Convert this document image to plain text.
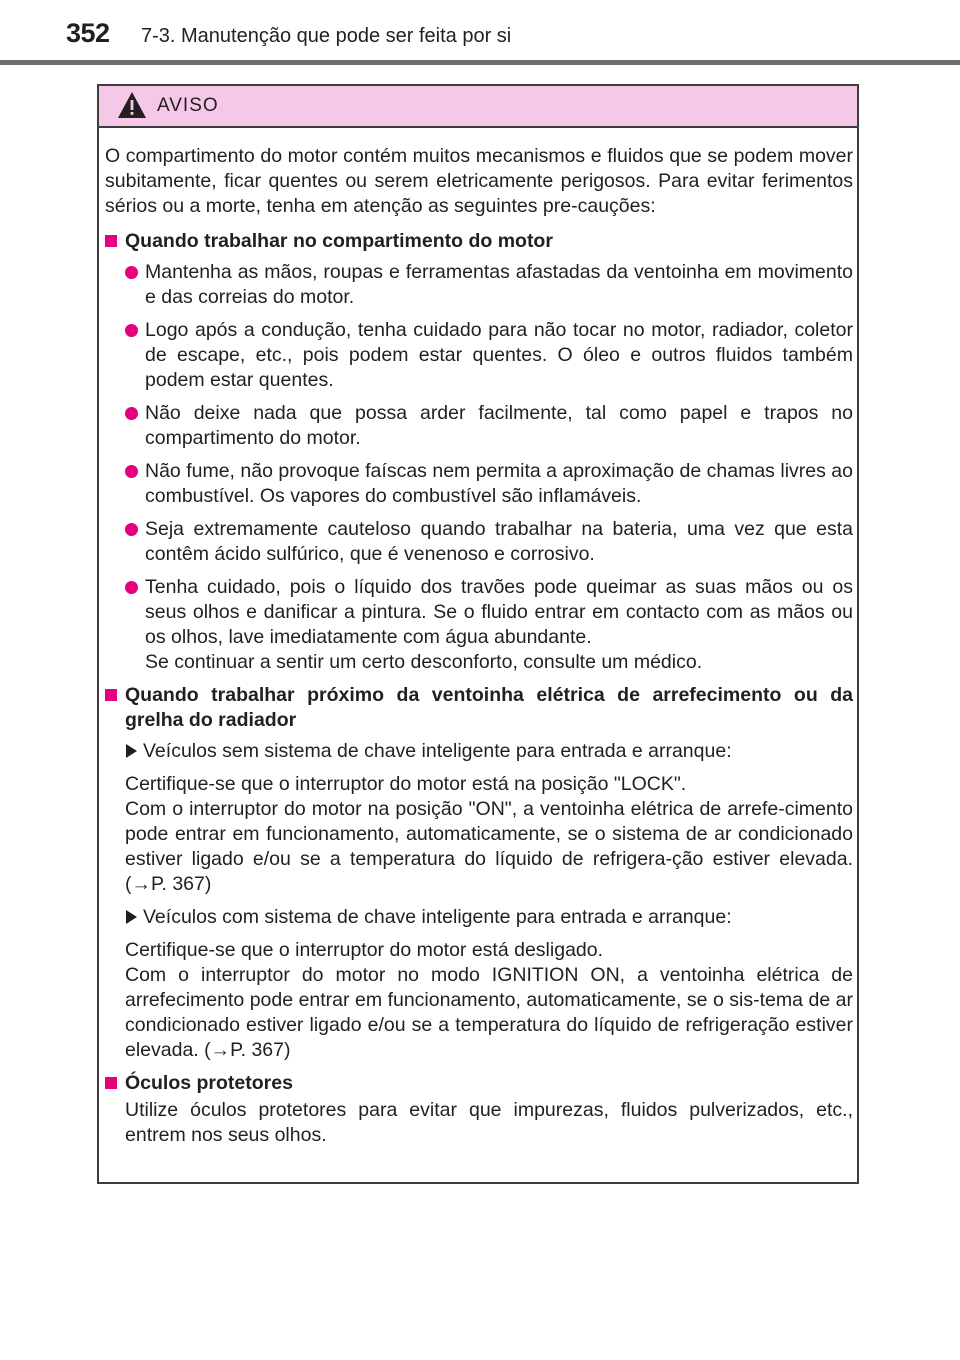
352 7-3. Manutenção que pode ser feita por si
AVISO

O compartimento do motor contém muitos mecanismos e fluidos que se podem mover subitamente, ficar quentes ou serem eletricamente perigosos. Para evitar ferimentos sérios ou a morte, tenha em atenção as seguintes pre-cauções:

Quando trabalhar no compartimento do motor

Mantenha as mãos, roupas e ferramentas afastadas da ventoinha em movimento e das correias do motor.

Logo após a condução, tenha cuidado para não tocar no motor, radiador, coletor de escape, etc., pois podem estar quentes. O óleo e outros fluidos também podem estar quentes.

Não deixe nada que possa arder facilmente, tal como papel e trapos no compartimento do motor.

Não fume, não provoque faíscas nem permita a aproximação de chamas livres ao combustível. Os vapores do combustível são inflamáveis.

Seja extremamente cauteloso quando trabalhar na bateria, uma vez que esta contêm ácido sulfúrico, que é venenoso e corrosivo.

Tenha cuidado, pois o líquido dos travões pode queimar as suas mãos ou os seus olhos e danificar a pintura. Se o fluido entrar em contacto com as mãos ou os olhos, lave imediatamente com água abundante.

Se continuar a sentir um certo desconforto, consulte um médico.

Quando trabalhar próximo da ventoinha elétrica de arrefecimento ou da grelha do radiador

Veículos sem sistema de chave inteligente para entrada e arranque:

Certifique-se que o interruptor do motor está na posição "LOCK".

Com o interruptor do motor na posição "ON", a ventoinha elétrica de arrefe-cimento pode entrar em funcionamento, automaticamente, se o sistema de ar condicionado estiver ligado e/ou se a temperatura do líquido de refrigera-ção estiver elevada. (→P. 367)

Veículos com sistema de chave inteligente para entrada e arranque:

Certifique-se que o interruptor do motor está desligado.

Com o interruptor do motor no modo IGNITION ON, a ventoinha elétrica de arrefecimento pode entrar em funcionamento, automaticamente, se o sis-tema de ar condicionado estiver ligado e/ou se a temperatura do líquido de refrigeração estiver elevada. (→P. 367)

Óculos protetores

Utilize óculos protetores para evitar que impurezas, fluidos pulverizados, etc., entrem nos seus olhos.
